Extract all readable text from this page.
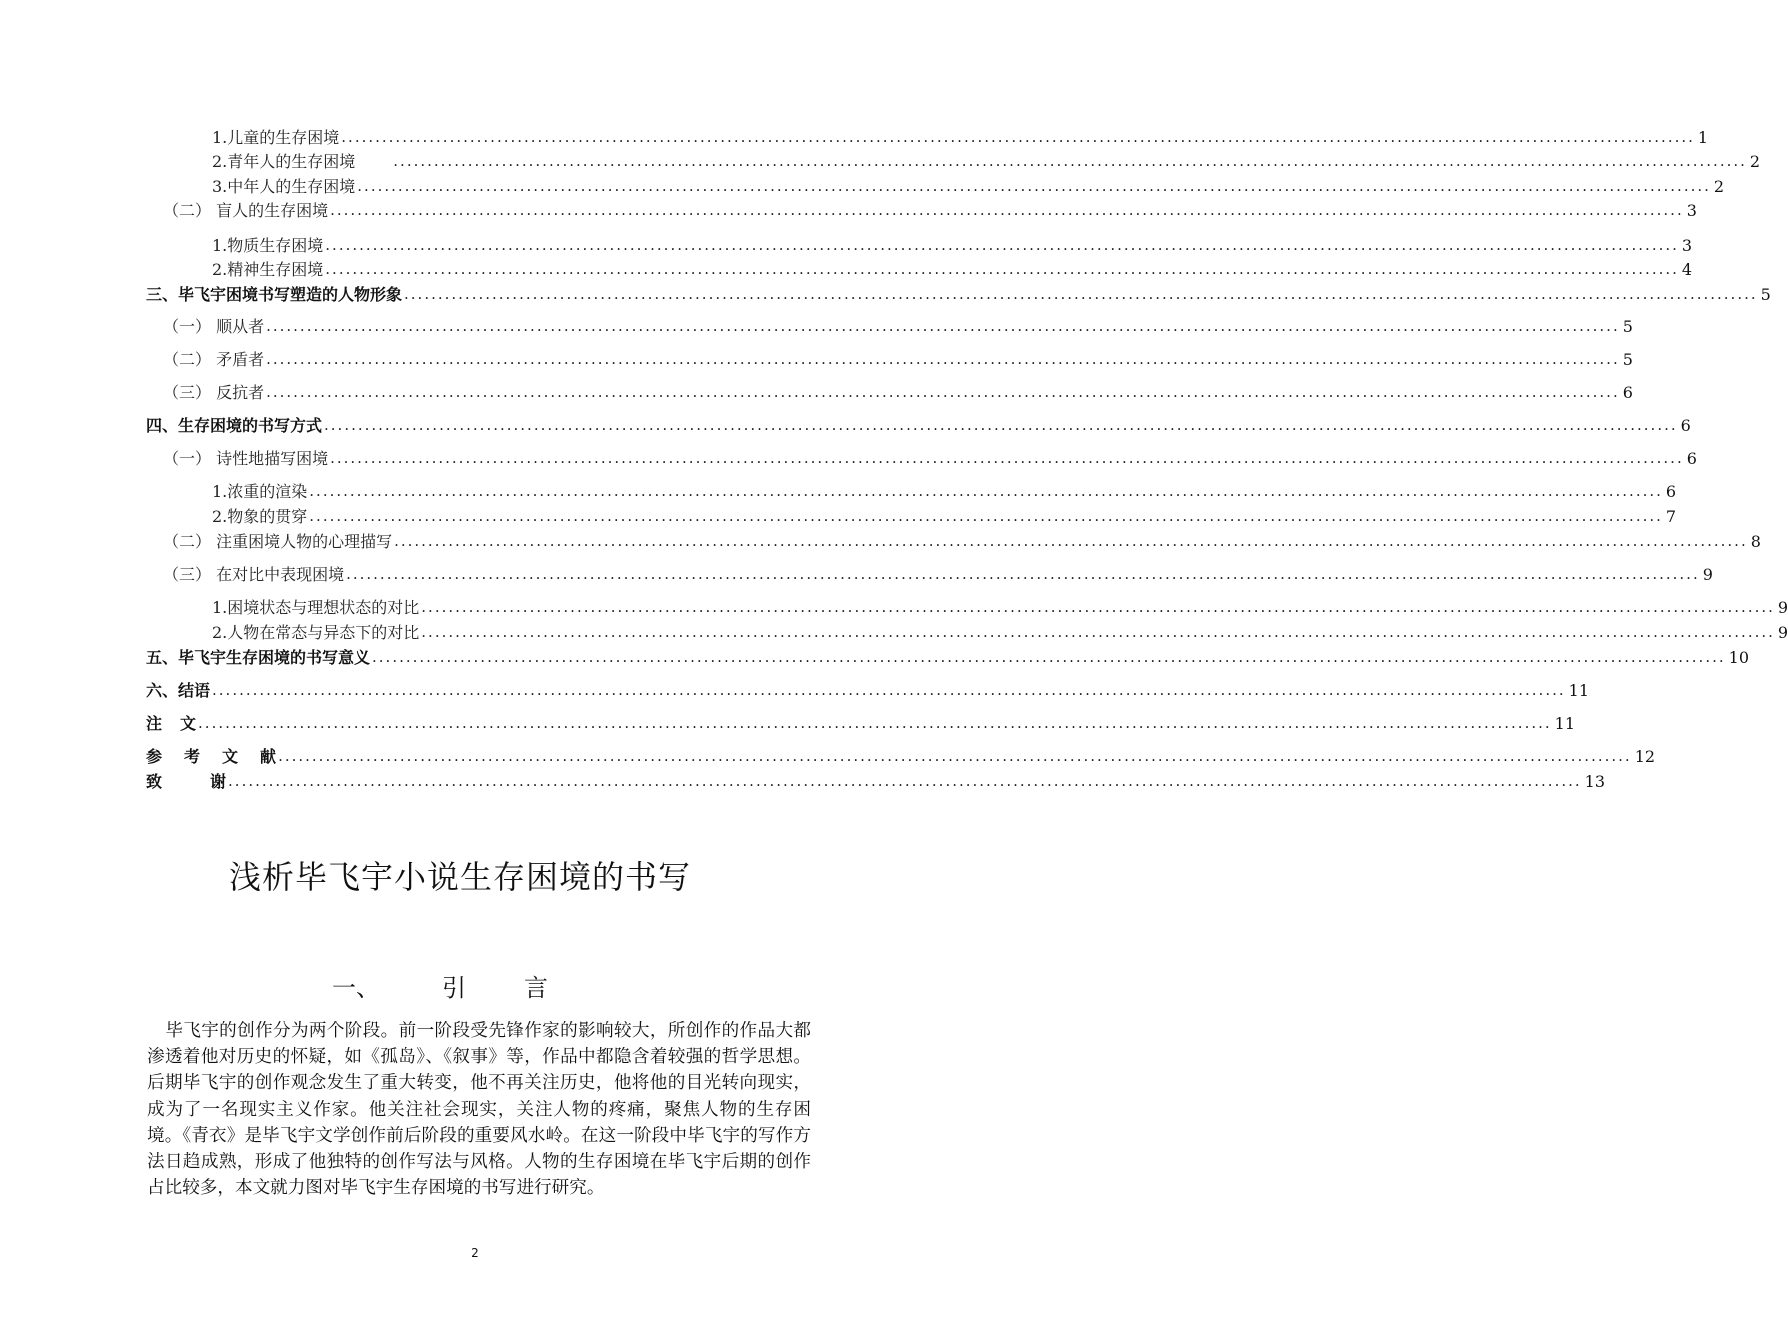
1.儿童的生存困境 ........................................................................................................................................................................................................ 1
2.青年人的生存困境	........................................................................................................................................................................................................ 2
3.中年人的生存困境 ........................................................................................................................................................................................................ 2
（二） 盲人的生存困境 ........................................................................................................................................................................................................ 3
1.物质生存困境 ........................................................................................................................................................................................................ 3
2.精神生存困境 ........................................................................................................................................................................................................ 4
三、毕飞宇困境书写塑造的人物形象 ........................................................................................................................................................................................................ 5
（一） 顺从者 ........................................................................................................................................................................................................ 5
（二） 矛盾者 ........................................................................................................................................................................................................ 5
（三） 反抗者 ........................................................................................................................................................................................................ 6
四、生存困境的书写方式 ........................................................................................................................................................................................................ 6
（一） 诗性地描写困境 ........................................................................................................................................................................................................ 6
1.浓重的渲染 ........................................................................................................................................................................................................ 6
2.物象的贯穿 ........................................................................................................................................................................................................ 7
（二） 注重困境人物的心理描写 ........................................................................................................................................................................................................ 8
（三） 在对比中表现困境 ........................................................................................................................................................................................................ 9
1.困境状态与理想状态的对比 ........................................................................................................................................................................................................ 9
2.人物在常态与异态下的对比 ........................................................................................................................................................................................................ 9
五、毕飞宇生存困境的书写意义 ........................................................................................................................................................................................................ 10
六、结语 ........................................................................................................................................................................................................ 11
注 文 ........................................................................................................................................................................................................ 11
参 考 文 献 ........................................................................................................................................................................................................ 12
致	谢 ........................................................................................................................................................................................................ 13
浅析毕飞宇小说生存困境的书写
一、	引 言
毕飞宇的创作分为两个阶段。前一阶段受先锋作家的影响较大，所创作的作品大都渗透着他对历史的怀疑，如《孤岛》、《叙事》等，作品中都隐含着较强的哲学思想。后期毕飞宇的创作观念发生了重大转变，他不再关注历史，他将他的目光转向现实，成为了一名现实主义作家。他关注社会现实，关注人物的疼痛，聚焦人物的生存困境。《青衣》是毕飞宇文学创作前后阶段的重要风水岭。在这一阶段中毕飞宇的写作方法日趋成熟，形成了他独特的创作写法与风格。人物的生存困境在毕飞宇后期的创作占比较多，本文就力图对毕飞宇生存困境的书写进行研究。
2
